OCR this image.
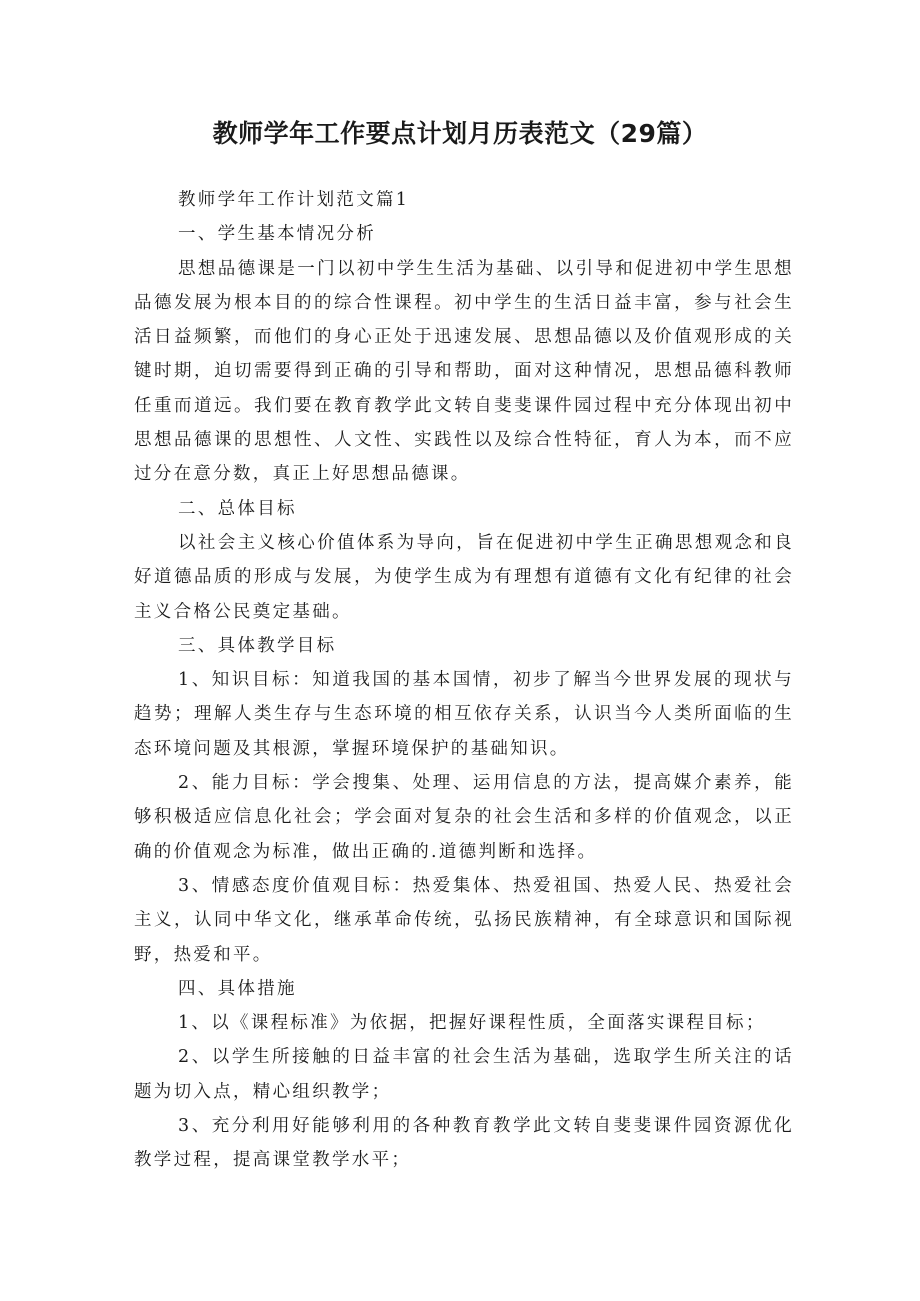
教师学年工作要点计划月历表范文（29篇）

教师学年工作计划范文篇1

一、学生基本情况分析

思想品德课是一门以初中学生生活为基础、以引导和促进初中学生思想品德发展为根本目的的综合性课程。初中学生的生活日益丰富，参与社会生活日益频繁，而他们的身心正处于迅速发展、思想品德以及价值观形成的关键时期，迫切需要得到正确的引导和帮助，面对这种情况，思想品德科教师任重而道远。我们要在教育教学此文转自斐斐课件园过程中充分体现出初中思想品德课的思想性、人文性、实践性以及综合性特征，育人为本，而不应过分在意分数，真正上好思想品德课。

二、总体目标

以社会主义核心价值体系为导向，旨在促进初中学生正确思想观念和良好道德品质的形成与发展，为使学生成为有理想有道德有文化有纪律的社会主义合格公民奠定基础。

三、具体教学目标

1、知识目标：知道我国的基本国情，初步了解当今世界发展的现状与趋势；理解人类生存与生态环境的相互依存关系，认识当今人类所面临的生态环境问题及其根源，掌握环境保护的基础知识。

2、能力目标：学会搜集、处理、运用信息的方法，提高媒介素养，能够积极适应信息化社会；学会面对复杂的社会生活和多样的价值观念，以正确的价值观念为标准，做出正确的.道德判断和选择。

3、情感态度价值观目标：热爱集体、热爱祖国、热爱人民、热爱社会主义，认同中华文化，继承革命传统，弘扬民族精神，有全球意识和国际视野，热爱和平。

四、具体措施

1、以《课程标准》为依据，把握好课程性质，全面落实课程目标；

2、以学生所接触的日益丰富的社会生活为基础，选取学生所关注的话题为切入点，精心组织教学；

3、充分利用好能够利用的各种教育教学此文转自斐斐课件园资源优化教学过程，提高课堂教学水平；
